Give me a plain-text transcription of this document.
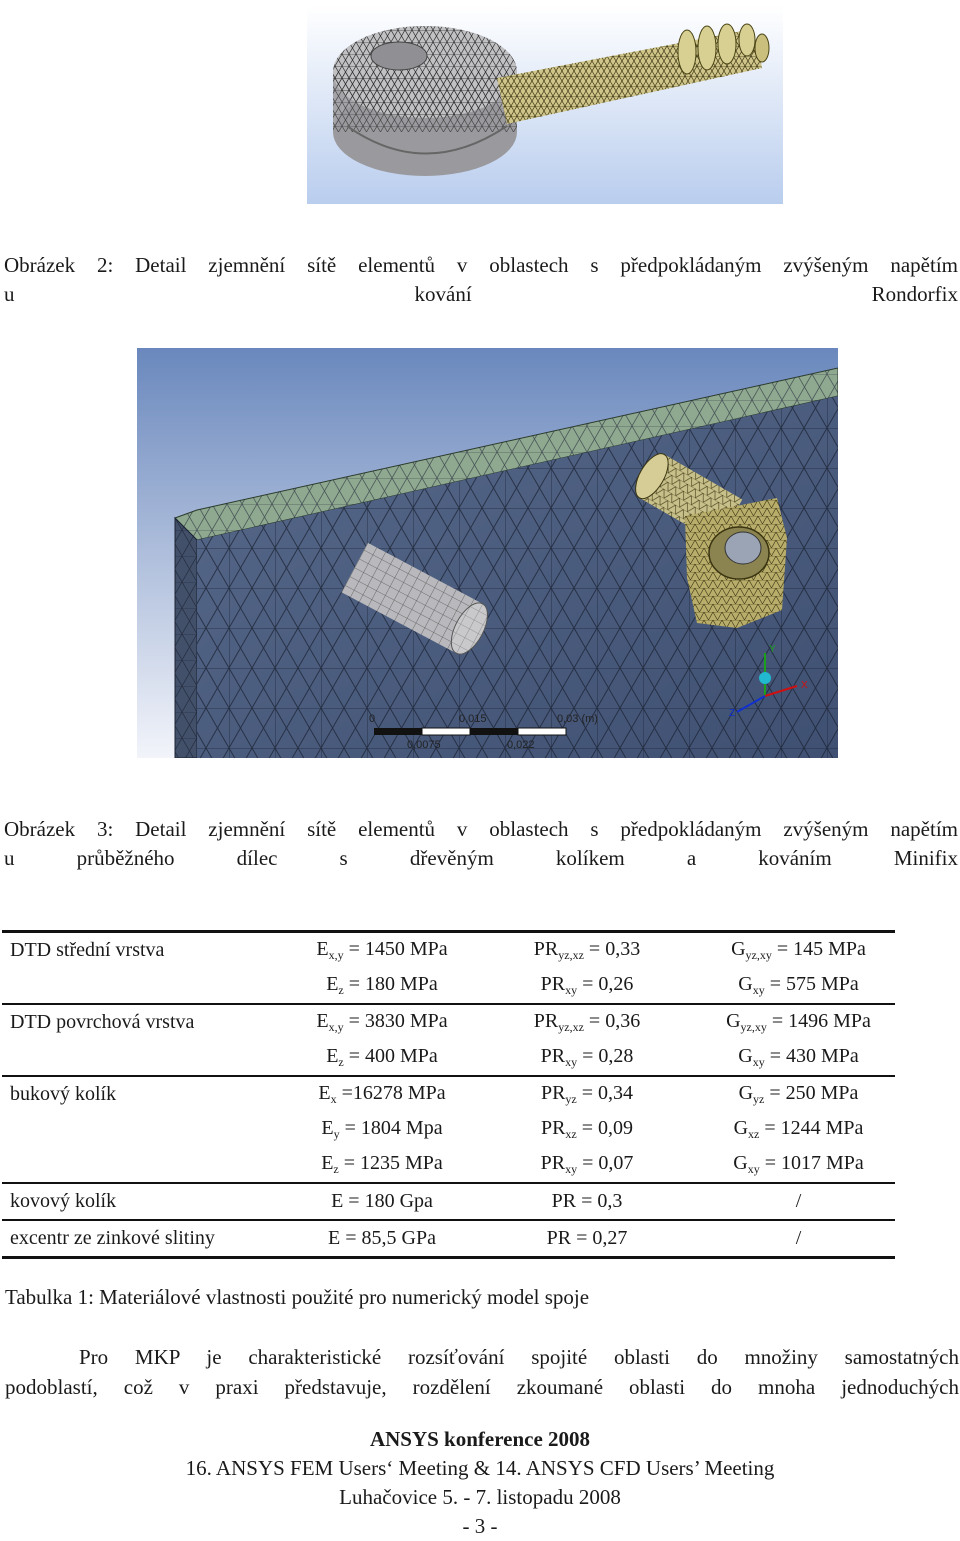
Obrázek 2: Detail zjemnění sítě elementů v oblastech s předpokládaným zvýšeným napětím
u kování Rondorfix
0	0,015	0,03 (m)
0,0075	0,022
Y
X
Z
Obrázek 3: Detail zjemnění sítě elementů v oblastech s předpokládaným zvýšeným napětím
u průběžného dílec s dřevěným kolíkem a kováním Minifix
DTD střední vrstva	$E_{x,y} = 1450$ MPa	$PR_{yz,xz} = 0,33$	$G_{yz,xy} = 145$ MPa
	$E_z = 180$ MPa	$PR_{xy} = 0,26$	$G_{xy} = 575$ MPa
DTD povrchová vrstva	$E_{x,y} = 3830$ MPa	$PR_{yz,xz} = 0,36$	$G_{yz,xy} = 1496$ MPa
	$E_z = 400$ MPa	$PR_{xy} = 0,28$	$G_{xy} = 430$ MPa
bukový kolík	$E_x =16278$ MPa	$PR_{yz} = 0,34$	$G_{yz} = 250$ MPa
	$E_y = 1804$ Mpa	$PR_{xz} = 0,09$	$G_{xz} = 1244$ MPa
	$E_z = 1235$ MPa	$PR_{xy} = 0,07$	$G_{xy} = 1017$ MPa
kovový kolík	E = 180 Gpa	PR = 0,3	/
excentr ze zinkové slitiny	E = 85,5 GPa	PR = 0,27	/
Tabulka 1: Materiálové vlastnosti použité pro numerický model spoje
Pro MKP je charakteristické rozsíťování spojité oblasti do množiny samostatných
podoblastí, což v praxi představuje, rozdělení zkoumané oblasti do mnoha jednoduchých
ANSYS konference 2008
16. ANSYS FEM Users‘ Meeting & 14. ANSYS CFD Users’ Meeting
Luhačovice 5. - 7. listopadu 2008
- 3 -
